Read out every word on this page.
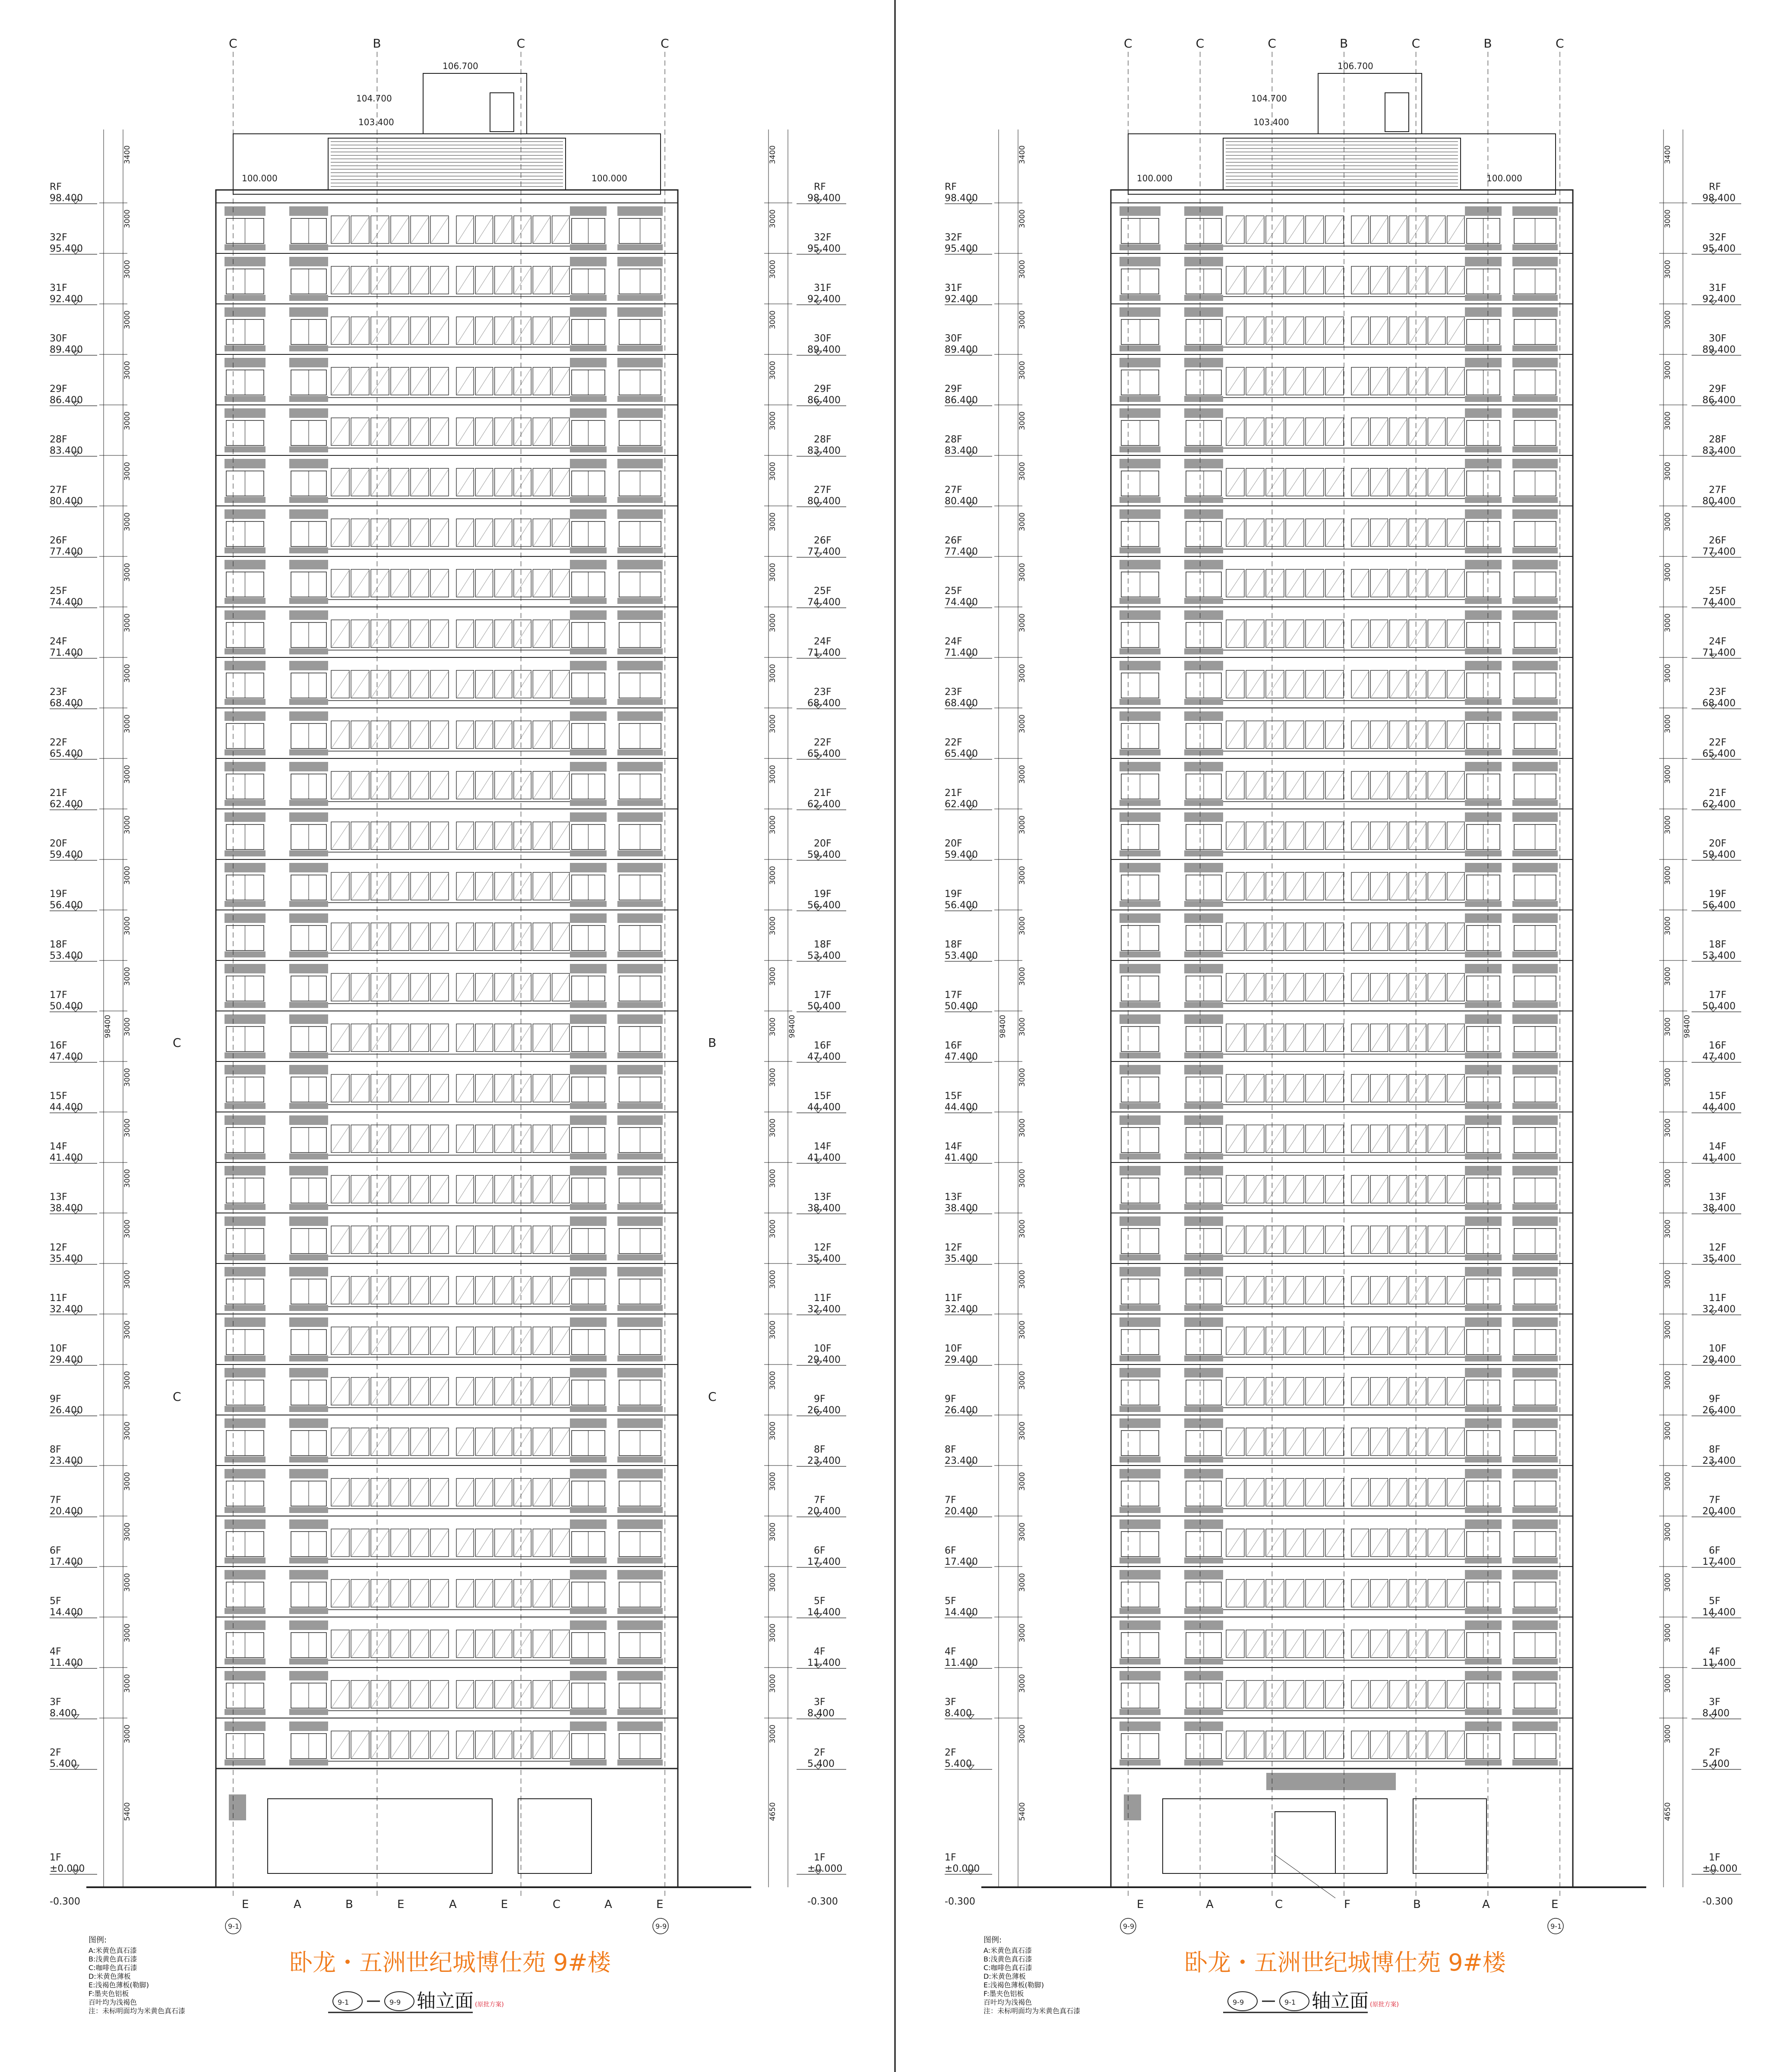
106.700
104.700
103.400
100.000	100.000
C	B	C	C
C	B
C	C
RF
98.400
RF
98.400
32F
95.400
32F
95.400
31F
92.400
31F
92.400
30F
89.400
30F
89.400
29F
86.400
29F
86.400
28F
83.400
28F
83.400
27F
80.400
27F
80.400
26F
77.400
26F
77.400
25F
74.400
25F
74.400
24F
71.400
24F
71.400
23F
68.400
23F
68.400
22F
65.400
22F
65.400
21F
62.400
21F
62.400
20F
59.400
20F
59.400
19F
56.400
19F
56.400
18F
53.400
18F
53.400
17F
50.400
17F
50.400
16F
47.400
16F
47.400
15F
44.400
15F
44.400
14F
41.400
14F
41.400
13F
38.400
13F
38.400
12F
35.400
12F
35.400
11F
32.400
11F
32.400
10F
29.400
10F
29.400
9F
26.400
9F
26.400
8F
23.400
8F
23.400
7F
20.400
7F
20.400
6F
17.400
6F
17.400
5F
14.400
5F
14.400
4F
11.400
4F
11.400
3F
8.400
3F
8.400
2F
5.400
2F
5.400
1F
±0.000
1F
±0.000
-0.300	-0.300
3000	3000
3000	3000
3000	3000
3000	3000
3000	3000
3000	3000
3000	3000
3000	3000
3000	3000
3000	3000
3000	3000
3000	3000
3000	3000
3000	3000
3000	3000
3000	3000
3000	3000
3000	3000
3000	3000
3000	3000
3000	3000
3000	3000
3000	3000
3000	3000
3000	3000
3000	3000
3000	3000
3000	3000
3000	3000
3000	3000
3000	3000
98400	98400
5400	4650
3400	3400
E	A	B	E	A	E	C	A	E
9-1	9-9
图例:
A:米黄色真石漆
B:浅黄色真石漆
C:咖啡色真石漆
D:米黄色薄板
E:浅褐色薄板(勒脚)
F:墨夹色铝板
百叶均为浅褐色
注：未标明面均为米黄色真石漆
卧龙・五洲世纪城博仕苑 9#楼
9-1	9-9 轴立面 (原批方案)
106.700
104.700
103.400
100.000	100.000
C	C	C	B	C	B	C
RF
98.400
RF
98.400
32F
95.400
32F
95.400
31F
92.400
31F
92.400
30F
89.400
30F
89.400
29F
86.400
29F
86.400
28F
83.400
28F
83.400
27F
80.400
27F
80.400
26F
77.400
26F
77.400
25F
74.400
25F
74.400
24F
71.400
24F
71.400
23F
68.400
23F
68.400
22F
65.400
22F
65.400
21F
62.400
21F
62.400
20F
59.400
20F
59.400
19F
56.400
19F
56.400
18F
53.400
18F
53.400
17F
50.400
17F
50.400
16F
47.400
16F
47.400
15F
44.400
15F
44.400
14F
41.400
14F
41.400
13F
38.400
13F
38.400
12F
35.400
12F
35.400
11F
32.400
11F
32.400
10F
29.400
10F
29.400
9F
26.400
9F
26.400
8F
23.400
8F
23.400
7F
20.400
7F
20.400
6F
17.400
6F
17.400
5F
14.400
5F
14.400
4F
11.400
4F
11.400
3F
8.400
3F
8.400
2F
5.400
2F
5.400
1F
±0.000
1F
±0.000
-0.300	-0.300
3000	3000
3000	3000
3000	3000
3000	3000
3000	3000
3000	3000
3000	3000
3000	3000
3000	3000
3000	3000
3000	3000
3000	3000
3000	3000
3000	3000
3000	3000
3000	3000
3000	3000
3000	3000
3000	3000
3000	3000
3000	3000
3000	3000
3000	3000
3000	3000
3000	3000
3000	3000
3000	3000
3000	3000
3000	3000
3000	3000
3000	3000
98400	98400
5400	4650
3400	3400
E	A	C	F	B	A	E
9-9	9-1
图例:
A:米黄色真石漆
B:浅黄色真石漆
C:咖啡色真石漆
D:米黄色薄板
E:浅褐色薄板(勒脚)
F:墨夹色铝板
百叶均为浅褐色
注：未标明面均为米黄色真石漆
卧龙・五洲世纪城博仕苑 9#楼
9-9	9-1 轴立面 (原批方案)
